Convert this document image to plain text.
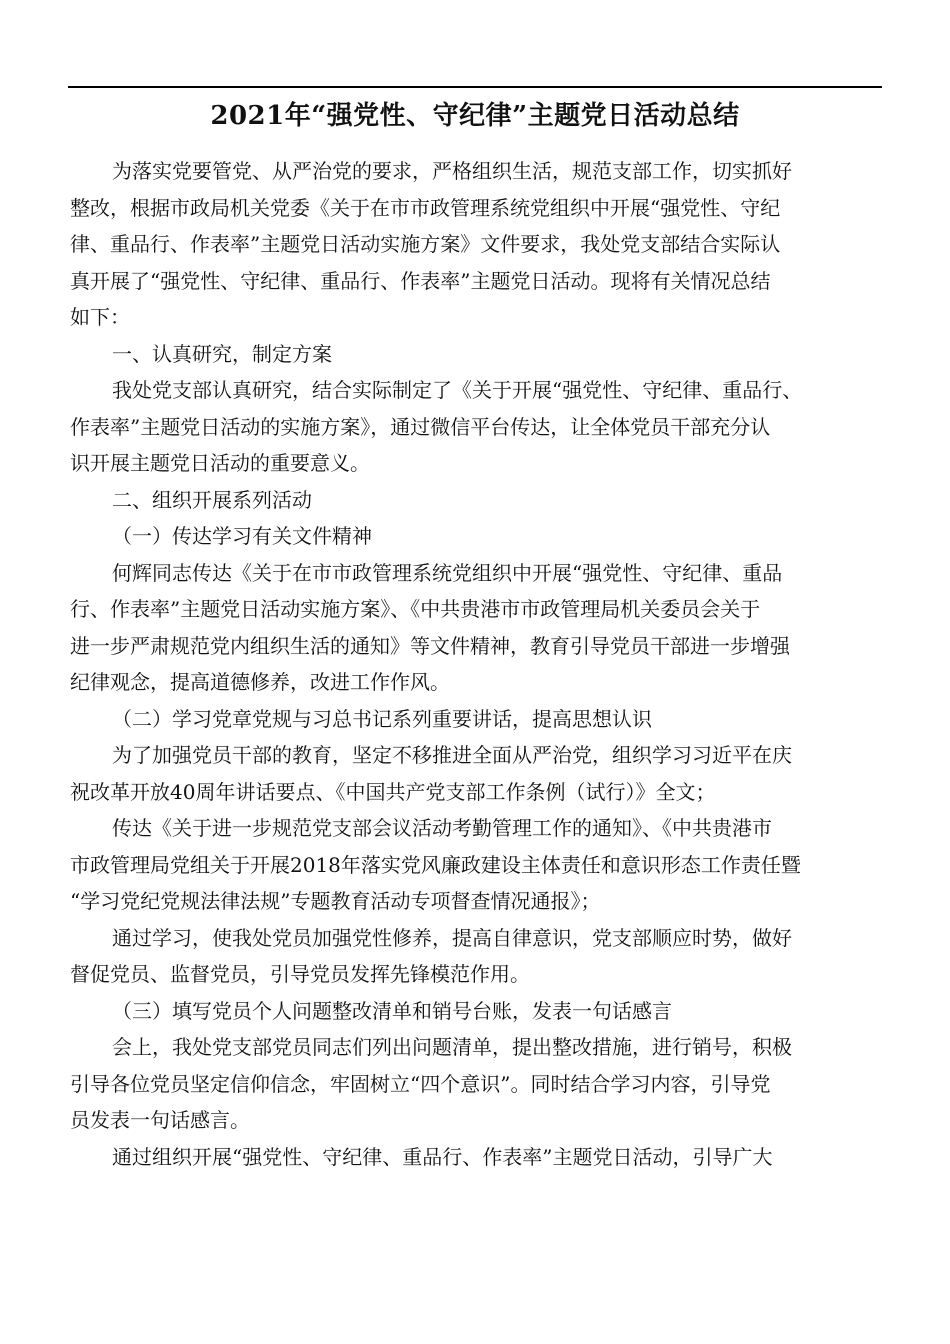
2021年“强党性、守纪律”主题党日活动总结
为落实党要管党、从严治党的要求，严格组织生活，规范支部工作，切实抓好
整改，根据市政局机关党委《关于在市市政管理系统党组织中开展“强党性、守纪
律、重品行、作表率”主题党日活动实施方案》文件要求，我处党支部结合实际认
真开展了“强党性、守纪律、重品行、作表率”主题党日活动。现将有关情况总结
如下：
一、认真研究，制定方案
我处党支部认真研究，结合实际制定了《关于开展“强党性、守纪律、重品行、
作表率”主题党日活动的实施方案》，通过微信平台传达，让全体党员干部充分认
识开展主题党日活动的重要意义。
二、组织开展系列活动
（一）传达学习有关文件精神
何辉同志传达《关于在市市政管理系统党组织中开展“强党性、守纪律、重品
行、作表率”主题党日活动实施方案》、《中共贵港市市政管理局机关委员会关于
进一步严肃规范党内组织生活的通知》等文件精神，教育引导党员干部进一步增强
纪律观念，提高道德修养，改进工作作风。
（二）学习党章党规与习总书记系列重要讲话，提高思想认识
为了加强党员干部的教育，坚定不移推进全面从严治党，组织学习习近平在庆
祝改革开放40周年讲话要点、《中国共产党支部工作条例（试行）》全文；
传达《关于进一步规范党支部会议活动考勤管理工作的通知》、《中共贵港市
市政管理局党组关于开展2018年落实党风廉政建设主体责任和意识形态工作责任暨
“学习党纪党规法律法规”专题教育活动专项督查情况通报》；
通过学习，使我处党员加强党性修养，提高自律意识，党支部顺应时势，做好
督促党员、监督党员，引导党员发挥先锋模范作用。
（三）填写党员个人问题整改清单和销号台账，发表一句话感言
会上，我处党支部党员同志们列出问题清单，提出整改措施，进行销号，积极
引导各位党员坚定信仰信念，牢固树立“四个意识”。同时结合学习内容，引导党
员发表一句话感言。
通过组织开展“强党性、守纪律、重品行、作表率”主题党日活动，引导广大
